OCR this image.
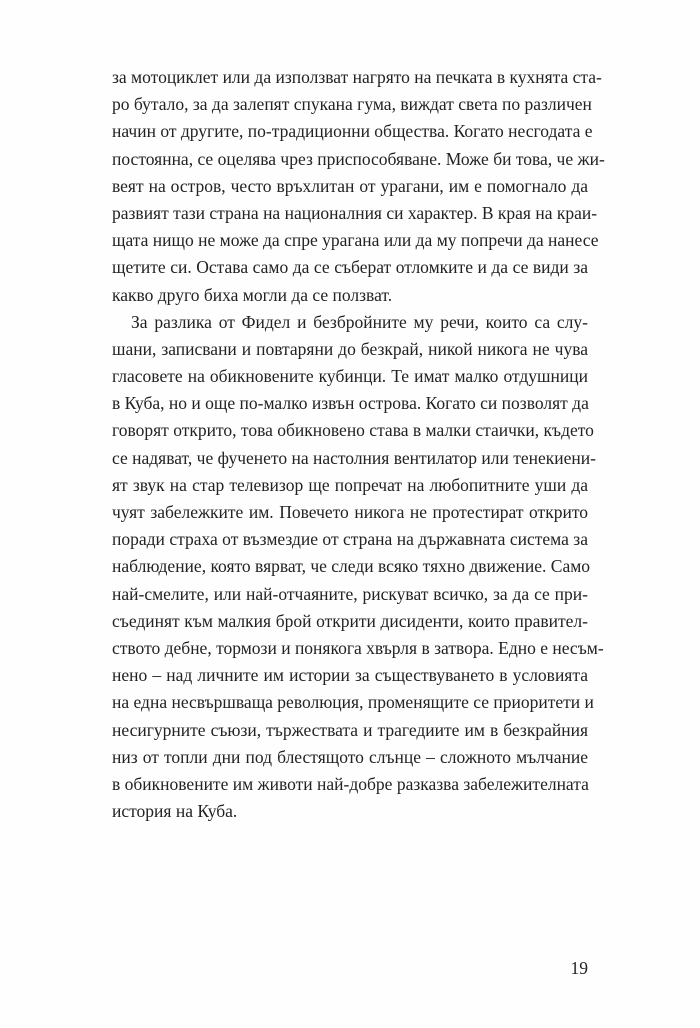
за мотоциклет или да използват нагрято на печката в кухнята ста-
ро бутало, за да залепят спукана гума, виждат света по различен
начин от другите, по-традиционни общества. Когато несгодата е
постоянна, се оцелява чрез приспособяване. Може би това, че жи-
веят на остров, често връхлитан от урагани, им е помогнало да
развият тази страна на националния си характер. В края на краи-
щата нищо не може да спре урагана или да му попречи да нанесе
щетите си. Остава само да се съберат отломките и да се види за
какво друго биха могли да се ползват.
За разлика от Фидел и безбройните му речи, които са слу-
шани, записвани и повтаряни до безкрай, никой никога не чува
гласовете на обикновените кубинци. Те имат малко отдушници
в Куба, но и още по-малко извън острова. Когато си позволят да
говорят открито, това обикновено става в малки стаички, където
се надяват, че фученето на настолния вентилатор или тенекиени-
ят звук на стар телевизор ще попречат на любопитните уши да
чуят забележките им. Повечето никога не протестират открито
поради страха от възмездие от страна на държавната система за
наблюдение, която вярват, че следи всяко тяхно движение. Само
най-смелите, или най-отчаяните, рискуват всичко, за да се при-
съединят към малкия брой открити дисиденти, които правител-
ството дебне, тормози и понякога хвърля в затвора. Едно е несъм-
нено – над личните им истории за съществуването в условията
на една несвършваща революция, променящите се приоритети и
несигурните съюзи, тържествата и трагедиите им в безкрайния
низ от топли дни под блестящото слънце – сложното мълчание
в обикновените им животи най-добре разказва забележителната
история на Куба.
19
